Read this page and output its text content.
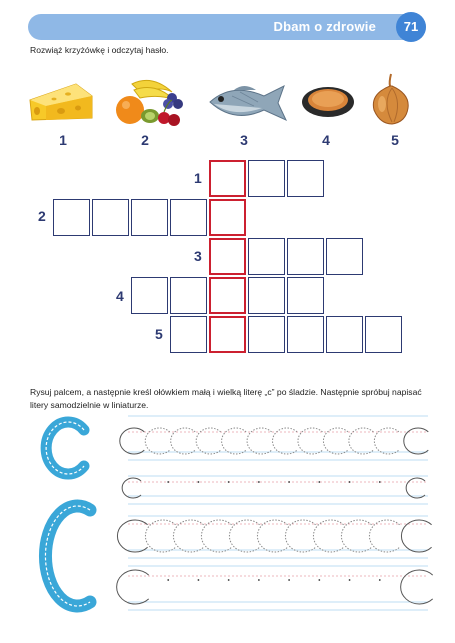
Dbam o zdrowie	71
Rozwiąż krzyżówkę i odczytaj hasło.
1	2	3	4	5
1
2
3
4
5
Rysuj palcem, a następnie kreśl ołówkiem małą i wielką literę „c” po śladzie. Następnie spróbuj napisać
litery samodzielnie w liniaturze.
